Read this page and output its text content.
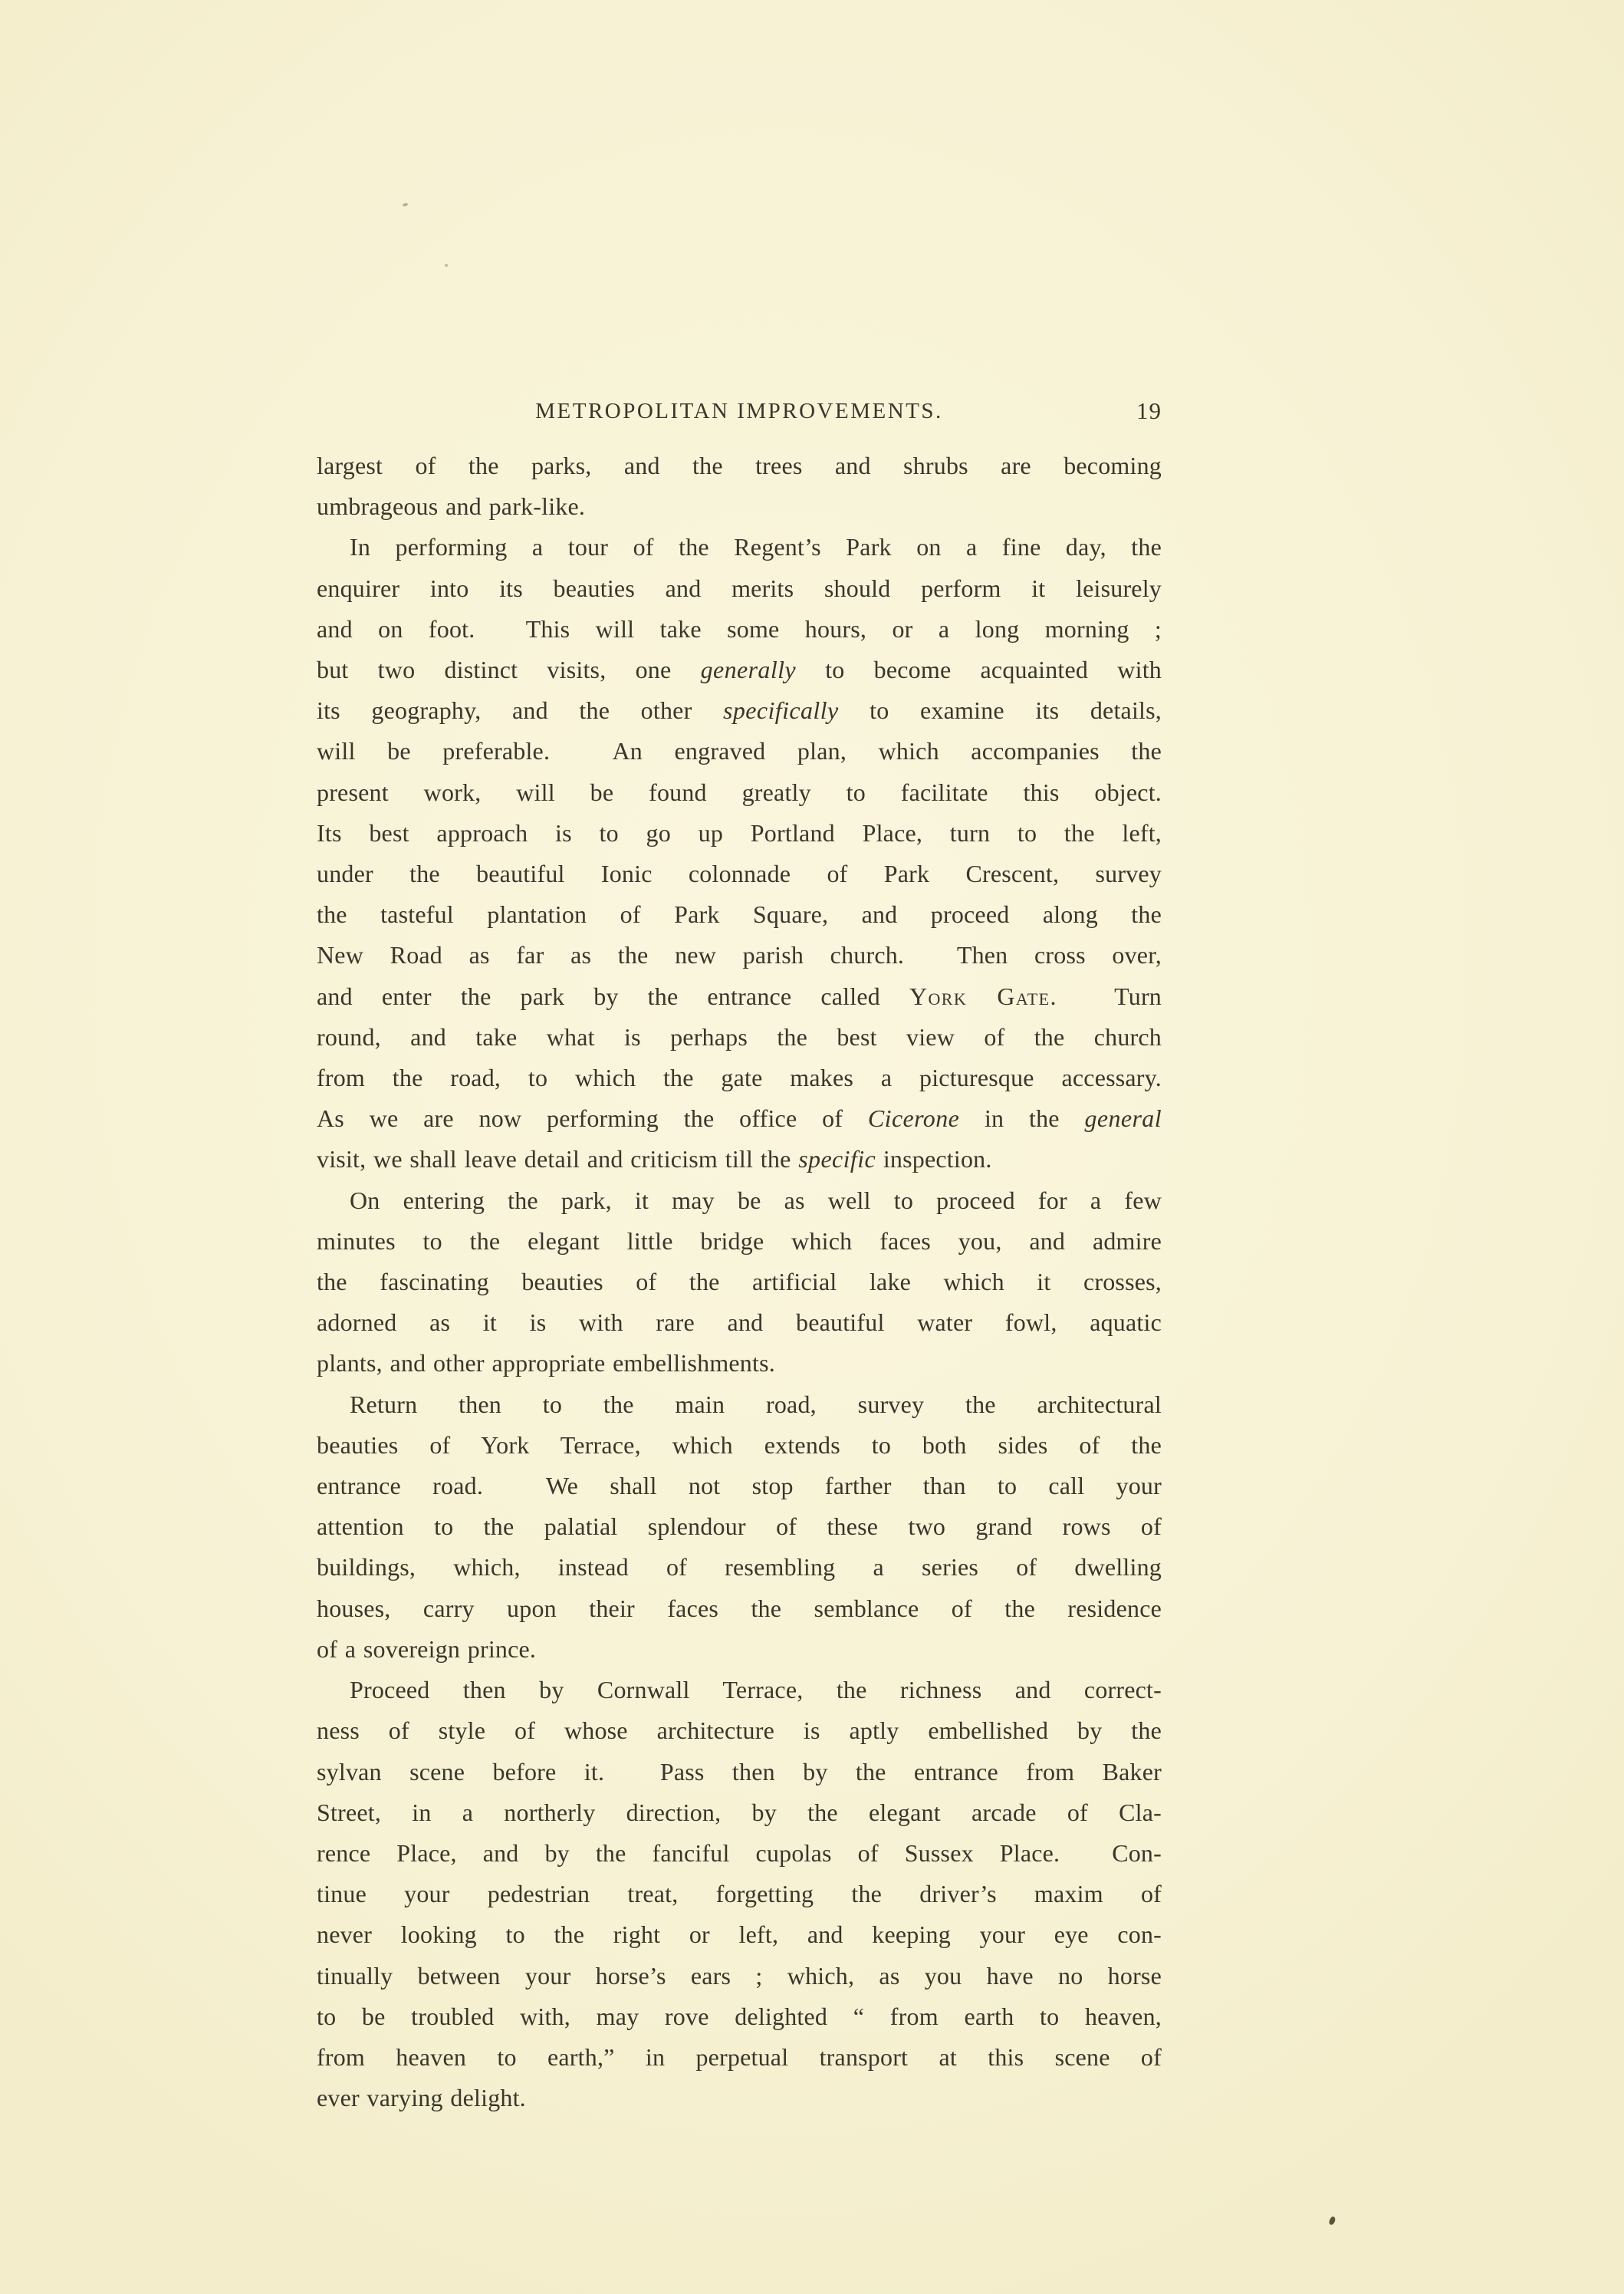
METROPOLITAN IMPROVEMENTS.	19
largest of the parks, and the trees and shrubs are becoming
umbrageous and park-like.
In performing a tour of the Regent’s Park on a fine day, the
enquirer into its beauties and merits should perform it leisurely
and on foot.  This will take some hours, or a long morning ;
but two distinct visits, one generally to become acquainted with
its geography, and the other specifically to examine its details,
will be preferable.  An engraved plan, which accompanies the
present work, will be found greatly to facilitate this object.
Its best approach is to go up Portland Place, turn to the left,
under the beautiful Ionic colonnade of Park Crescent, survey
the tasteful plantation of Park Square, and proceed along the
New Road as far as the new parish church.  Then cross over,
and enter the park by the entrance called York Gate.  Turn
round, and take what is perhaps the best view of the church
from the road, to which the gate makes a picturesque accessary.
As we are now performing the office of Cicerone in the general
visit, we shall leave detail and criticism till the specific inspection.
On entering the park, it may be as well to proceed for a few
minutes to the elegant little bridge which faces you, and admire
the fascinating beauties of the artificial lake which it crosses,
adorned as it is with rare and beautiful water fowl, aquatic
plants, and other appropriate embellishments.
Return then to the main road, survey the architectural
beauties of York Terrace, which extends to both sides of the
entrance road.  We shall not stop farther than to call your
attention to the palatial splendour of these two grand rows of
buildings, which, instead of resembling a series of dwelling
houses, carry upon their faces the semblance of the residence
of a sovereign prince.
Proceed then by Cornwall Terrace, the richness and correct-
ness of style of whose architecture is aptly embellished by the
sylvan scene before it.  Pass then by the entrance from Baker
Street, in a northerly direction, by the elegant arcade of Cla-
rence Place, and by the fanciful cupolas of Sussex Place.  Con-
tinue your pedestrian treat, forgetting the driver’s maxim of
never looking to the right or left, and keeping your eye con-
tinually between your horse’s ears ; which, as you have no horse
to be troubled with, may rove delighted “ from earth to heaven,
from heaven to earth,” in perpetual transport at this scene of
ever varying delight.
